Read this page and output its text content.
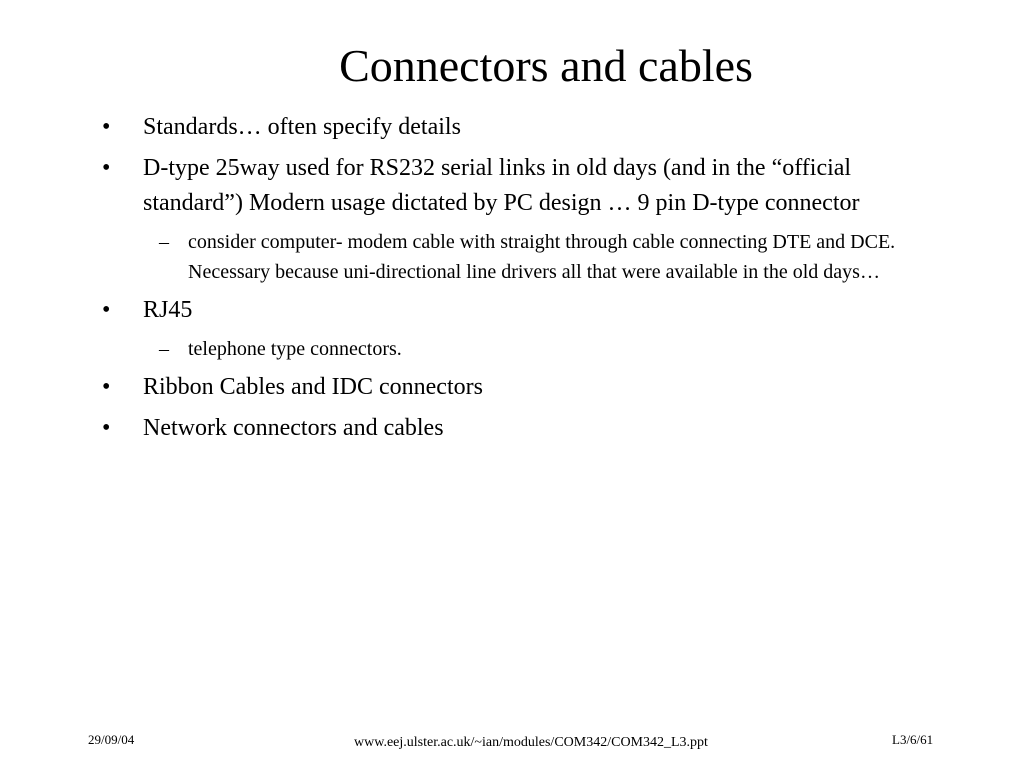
Connectors and cables
• Standards… often specify details
• D-type 25way used for RS232 serial links in old days (and in the “official standard”) Modern usage dictated by PC design … 9 pin D-type connector
– consider computer- modem cable with straight through cable connecting DTE and DCE. Necessary because uni-directional line drivers all that were available in the old days…
• RJ45
– telephone type connectors.
• Ribbon Cables and IDC connectors
• Network connectors and cables
29/09/04	www.eej.ulster.ac.uk/~ian/modules/COM342/COM342_L3.ppt	L3/6/61
